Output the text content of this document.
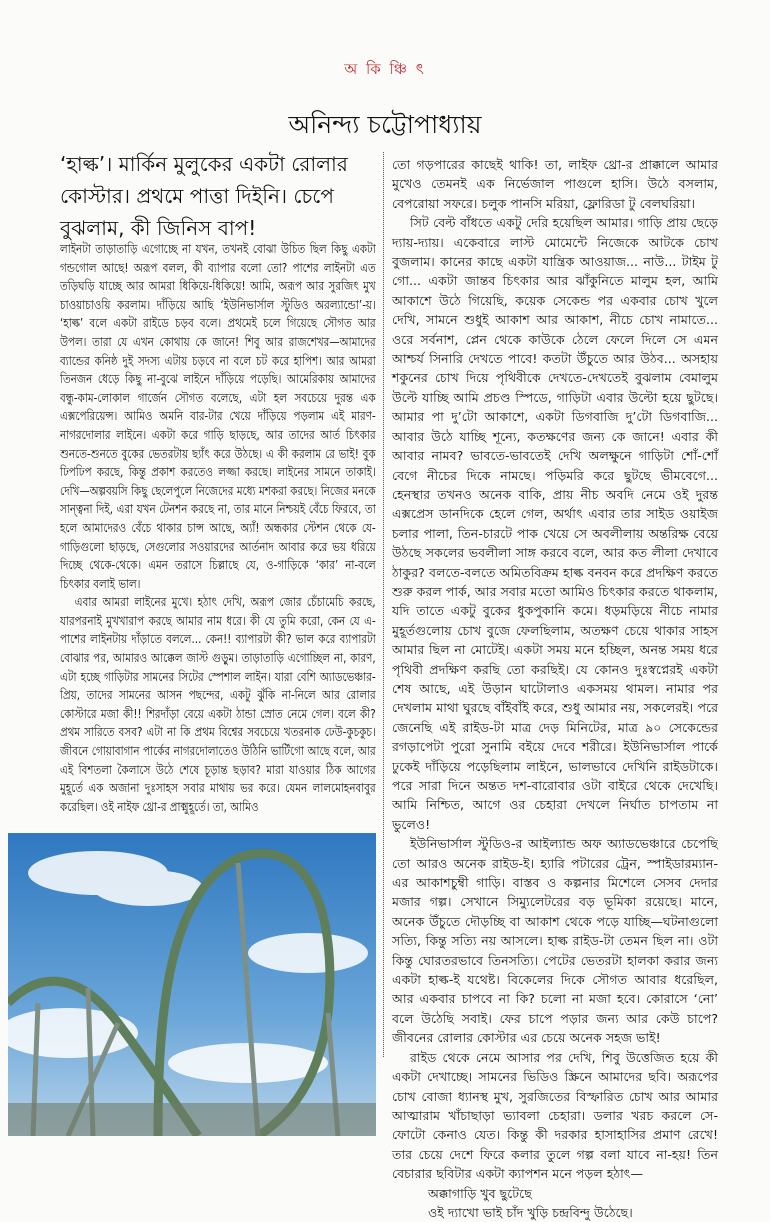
অ কি ঞ্চি ৎ
অনিন্দ্য চট্টোপাধ্যায়
‘হাল্ক’। মার্কিন মুলুকের একটা রোলার কোস্টার। প্রথমে পাত্তা দিইনি। চেপে বুঝলাম, কী জিনিস বাপ!

লাইনটা তাড়াতাড়ি এগোচ্ছে না যখন, তখনই বোঝা উচিত ছিল কিছু একটা গন্ডগোল আছে! অরূপ বলল, কী ব্যাপার বলো তো? পাশের লাইনটা এত তড়িঘড়ি যাচ্ছে আর আমরা ধিকিয়ে-ধিকিয়ে! আমি, অরূপ আর সুরজিৎ মুখ চাওয়াচাওয়ি করলাম। দাঁড়িয়ে আছি ‘ইউনিভার্সাল স্টুডিও অরল্যান্ডো’-য়। ‘হাল্ক’ বলে একটা রাইডে চড়ব বলে। প্রথমেই চলে গিয়েছে সৌগত আর উপল। তারা যে এখন কোথায় কে জানে! শিবু আর রাজশেখর—আমাদের ব্যান্ডের কনিষ্ঠ দুই সদস্য এটায় চড়বে না বলে চট করে হাপিশ। আর আমরা তিনজন ধেড়ে কিছু না-বুঝে লাইনে দাঁড়িয়ে পড়েছি। আমেরিকায় আমাদের বন্ধু-কাম-লোকাল গার্জেন সৌগত বলেছে, এটা হল সবচেয়ে দুরন্ত এক এক্সপেরিয়েন্স। আমিও অমনি বার-টার খেয়ে দাঁড়িয়ে পড়লাম এই মারণ-নাগরদোলার লাইনে। একটা করে গাড়ি ছাড়ছে, আর তাদের আর্ত চিৎকার শুনতে-শুনতে বুকের ভেতরটায় ছ্যাঁৎ করে উঠছে। এ কী করলাম রে ভাই! বুক ঢিপঢিপ করছে, কিন্তু প্রকাশ করতেও লজ্জা করছে। লাইনের সামনে তাকাই। দেখি—অল্পবয়সি কিছু ছেলেপুলে নিজেদের মধ্যে মশকরা করছে। নিজের মনকে সান্ত্বনা দিই, এরা যখন টেনশন করছে না, তার মানে নিশ্চয়ই বেঁচে ফিরবে, তা হলে আমাদেরও বেঁচে থাকার চান্স আছে, অ্যাঁ! অন্ধকার স্টেশন থেকে যে-গাড়িগুলো ছাড়ছে, সেগুলোর সওয়ারদের আর্তনাদ আবার করে ভয় ধরিয়ে দিচ্ছে থেকে-থেকে। এমন তরাসে চিল্লাছে যে, ও-গাড়িকে ‘কার’ না-বলে চিৎকার বলাই ভাল।

এবার আমরা লাইনের মুখে। হঠাৎ দেখি, অরূপ জোর চেঁচামেচি করছে, যারপরনাই মুখখারাপ করছে আমার নাম ধরে। কী যে তুমি করো, কেন যে এ-পাশের লাইনটায় দাঁড়াতে বললে... কেন!! ব্যাপারটা কী? ভাল করে ব্যাপারটা বোঝার পর, আমারও আক্কেল জাস্ট গুড়ুম। তাড়াতাড়ি এগোচ্ছিল না, কারণ, এটা হচ্ছে গাড়িটার সামনের সিটের স্পেশাল লাইন। যারা বেশি অ্যাডভেঞ্চার-প্রিয়, তাদের সামনের আসন পছন্দের, একটু ঝুঁকি না-নিলে আর রোলার কোস্টারে মজা কী!! শিরদাঁড়া বেয়ে একটা ঠান্ডা স্রোত নেমে গেল। বলে কী? প্রথম সারিতে বসব? এটা না কি প্রথম বিশ্বের সবচেয়ে খতরনাক ঢেউ-কুচকুচ। জীবনে গোয়াবাগান পার্কের নাগরদোলাতেও উঠিনি ভার্টিগো আছে বলে, আর এই বিশতলা কৈলাসে উঠে শেষে চূড়ান্ত ছড়াব? মারা যাওয়ার ঠিক আগের মুহূর্তে এক অজানা দুঃসাহস সবার মাথায় ভর করে। যেমন লালমোহনবাবুর করেছিল। ওই নাইফ থ্রো-র প্রাক্মুহূর্তে। তা, আমিও

তো গড়পারের কাছেই থাকি! তা, লাইফ থ্রো-র প্রাক্কালে আমার মুখেও তেমনই এক নির্ভেজাল পাগুলে হাসি। উঠে বসলাম, বেপরোয়া সফরে। চলুক পানসি মরিয়া, ফ্লোরিডা টু বেলঘরিয়া।

সিট বেল্ট বাঁধতে একটু দেরি হয়েছিল আমার। গাড়ি প্রায় ছেড়ে দ্যায়-দ্যায়। একেবারে লাস্ট মোমেন্টে নিজেকে আটকে চোখ বুজলাম। কানের কাছে একটা যান্ত্রিক আওয়াজ... নাউ... টাইম টু গো... একটা জান্তব চিৎকার আর ঝাঁকুনিতে মালুম হল, আমি আকাশে উঠে গিয়েছি, কয়েক সেকেন্ড পর একবার চোখ খুলে দেখি, সামনে শুধুই আকাশ আর আকাশ, নীচে চোখ নামাতে... ওরে সর্বনাশ, প্লেন থেকে কাউকে ঠেলে ফেলে দিলে সে এমন আশ্চর্য সিনারি দেখতে পাবে! কতটা উঁচুতে আর উঠব... অসহায় শকুনের চোখ দিয়ে পৃথিবীকে দেখতে-দেখতেই বুঝলাম বেমালুম উল্টে যাচ্ছি আমি প্রচণ্ড স্পিডে, গাড়িটা এবার উল্টো হয়ে ছুটছে। আমার পা দু’টো আকাশে, একটা ডিগবাজি দু’টো ডিগবাজি... আবার উঠে যাচ্ছি শূন্যে, কতক্ষণের জন্য কে জানে! এবার কী আবার নামব? ভাবতে-ভাবতেই দেখি অলক্ষুনে গাড়িটা শোঁ-শোঁ বেগে নীচের দিকে নামছে। পড়িমরি করে ছুটছে ভীমবেগে... হেনস্থার তখনও অনেক বাকি, প্রায় নীচ অবদি নেমে ওই দুরন্ত এক্সপ্রেস ডানদিকে হেলে গেল, অর্থাৎ এবার তার সাইড ওয়াইজ চলার পালা, তিন-চারটে পাক খেয়ে সে অবলীলায় অন্তরিক্ষ বেয়ে উঠছে সকলের ভবলীলা সাঙ্গ করবে বলে, আর কত লীলা দেখাবে ঠাকুর? বলতে-বলতে অমিতবিক্রম হাল্ক বনবন করে প্রদক্ষিণ করতে শুরু করল পার্ক, আর সবার মতো আমিও চিৎকার করতে থাকলাম, যদি তাতে একটু বুকের ধুকপুকানি কমে। ধড়মড়িয়ে নীচে নামার মুহূর্তগুলোয় চোখ বুজে ফেলছিলাম, অতক্ষণ চেয়ে থাকার সাহস আমার ছিল না মোটেই। একটা সময় মনে হচ্ছিল, অনন্ত সময় ধরে পৃথিবী প্রদক্ষিণ করছি তো করছিই। যে কোনও দুঃস্বপ্নেরই একটা শেষ আছে, এই উড়ান ঘাটোলাও একসময় থামল। নামার পর দেখলাম মাথা ঘুরছে বাঁইবাঁই করে, শুধু আমার নয়, সকলেরই। পরে জেনেছি এই রাইড-টা মাত্র দেড় মিনিটের, মাত্র ৯০ সেকেন্ডের রগড়াপেটা পুরো সুনামি বইয়ে দেবে শরীরে। ইউনিভার্সাল পার্কে ঢুকেই দাঁড়িয়ে পড়েছিলাম লাইনে, ভালভাবে দেখিনি রাইডটাকে। পরে সারা দিনে অন্তত দশ-বারোবার ওটা বাইরে থেকে দেখেছি। আমি নিশ্চিত, আগে ওর চেহারা দেখলে নির্ঘাত চাপতাম না ভুলেও!

ইউনিভার্সাল স্টুডিও-র আইল্যান্ড অফ অ্যাডভেঞ্চারে চেপেছি তো আরও অনেক রাইড-ই। হ্যারি পটারের ট্রেন, স্পাইডারম্যান-এর আকাশচুম্বী গাড়ি। বাস্তব ও কল্পনার মিশেলে সেসব দেদার মজার গল্প। সেখানে সিম্যুলেটরের বড় ভূমিকা রয়েছে। মানে, অনেক উঁচুতে দৌড়চ্ছি বা আকাশ থেকে পড়ে যাচ্ছি—ঘটনাগুলো সত্যি, কিন্তু সত্যি নয় আসলে। হাল্ক রাইড-টা তেমন ছিল না। ওটা কিন্তু ঘোরতরভাবে তিনসত্যি। পেটের ভেতরটা হালকা করার জন্য একটা হাল্ক-ই যথেষ্ট। বিকেলের দিকে সৌগত আবার ধরেছিল, আর একবার চাপবে না কি? চলো না মজা হবে। কোরাসে ‘নো’ বলে উঠেছি সবাই। ফের চাপে পড়ার জন্য আর কেউ চাপে? জীবনের রোলার কোস্টার এর চেয়ে অনেক সহজ ভাই!

রাইড থেকে নেমে আসার পর দেখি, শিবু উত্তেজিত হয়ে কী একটা দেখাচ্ছে। সামনের ভিডিও স্ক্রিনে আমাদের ছবি। অরূপের চোখ বোজা ধ্যানস্থ মুখ, সুরজিতের বিস্ফারিত চোখ আর আমার আত্মারাম খাঁচাছাড়া ভ্যাবলা চেহারা। ডলার খরচ করলে সে-ফোটো কেনাও যেত। কিন্তু কী দরকার হাসাহাসির প্রমাণ রেখে! তার চেয়ে দেশে ফিরে কলার তুলে গল্প বলা যাবে না-হয়! তিন বেচারার ছবিটার একটা ক্যাপশন মনে পড়ল হঠাৎ—

অক্কাগাড়ি খুব ছুটেছে

ওই দ্যাখো ভাই চাঁদ খুড়ি চন্দ্রবিন্দু উঠেছে।
